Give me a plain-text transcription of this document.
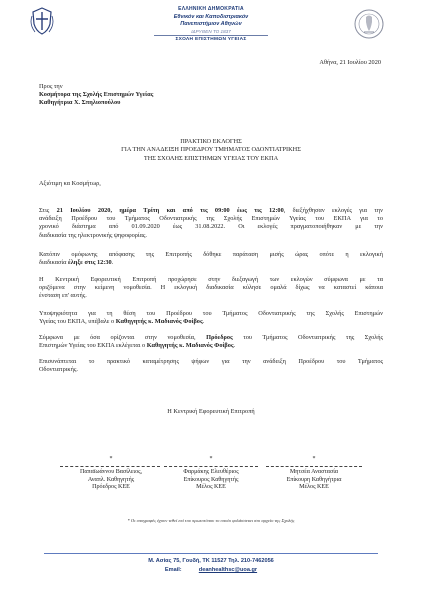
ΕΛΛΗΝΙΚΗ ΔΗΜΟΚΡΑΤΙΑ
Εθνικόν και Καποδιστριακόν
Πανεπιστήμιον Αθηνών
ΙΔΡΥΘΕΝ ΤΟ 1837
ΣΧΟΛΗ ΕΠΙΣΤΗΜΩΝ ΥΓΕΙΑΣ
Αθήνα, 21 Ιουλίου 2020
Προς την
Κοσμήτορα της Σχολής Επιστημών Υγείας
Καθηγήτρια Χ. Σπηλιοπούλου
ΠΡΑΚΤΙΚΟ ΕΚΛΟΓΗΣ
ΓΙΑ ΤΗΝ ΑΝΑΔΕΙΞΗ ΠΡΟΕΔΡΟΥ ΤΜΗΜΑΤΟΣ ΟΔΟΝΤΙΑΤΡΙΚΗΣ
ΤΗΣ ΣΧΟΛΗΣ ΕΠΙΣΤΗΜΩΝ ΥΓΕΙΑΣ ΤΟΥ ΕΚΠΑ
Αξιότιμη κα Κοσμήτωρ,
Στις 21 Ιουλίου 2020, ημέρα Τρίτη και από τις 09:00 έως τις 12:00, διεξήχθησαν εκλογές για την
ανάδειξη Προέδρου του Τμήματος Οδοντιατρικής της Σχολής Επιστημών Υγείας του ΕΚΠΑ για το
χρονικό διάστημα από 01.09.2020 έως 31.08.2022. Οι εκλογές πραγματοποιήθηκαν με την
διαδικασία της ηλεκτρονικής ψηφοφορίας.
Κατόπιν ομόφωνης απόφασης της Επιτροπής δόθηκε παράταση μισής ώρας οπότε η εκλογική
διαδικασία έληξε στις 12:30.
Η Κεντρική Εφορευτική Επιτροπή προχώρησε στην διεξαγωγή των εκλογών σύμφωνα με τα
οριζόμενα στην κείμενη νομοθεσία. Η εκλογική διαδικασία κύλησε ομαλά δίχως να καταστεί κάποια
ένσταση επ' αυτής.
Υποψηφιότητα για τη θέση του Προέδρου του Τμήματος Οδοντιατρικής της Σχολής Επιστημών
Υγείας του ΕΚΠΑ, υπέβαλε ο Καθηγητής κ. Μαδιανός Φοίβος.
Σύμφωνα με όσα ορίζονται στην νομοθεσία, Πρόεδρος του Τμήματος Οδοντιατρικής της Σχολής
Επιστημών Υγείας του ΕΚΠΑ εκλέγεται ο Καθηγητής κ. Μαδιανός Φοίβος.
Επισυνάπτεται το πρακτικό καταμέτρησης ψήφων για την ανάδειξη Προέδρου του Τμήματος
Οδοντιατρικής.
Η Κεντρική Εφορευτική Επιτροπή
*
Παπαϊωάννου Βασίλειος,
Αναπλ. Καθηγητής
Πρόεδρος ΚΕΕ
*
Φαρμάκης Ελευθέριος
Επίκουρος Καθηγητής
Μέλος ΚΕΕ
*
Μητσέα Αναστασία
Επίκουρη Καθηγήτρια
Μέλος ΚΕΕ
* Οι υπογραφές έχουν τεθεί επί του πρωτοτύπου το οποίο φυλάσσεται στο αρχείο της Σχολής
Μ. Ασίας 75, Γουδή, ΤΚ 11527 Τηλ. 210-7462056
Email:	deanhealthsc@uoa.gr
